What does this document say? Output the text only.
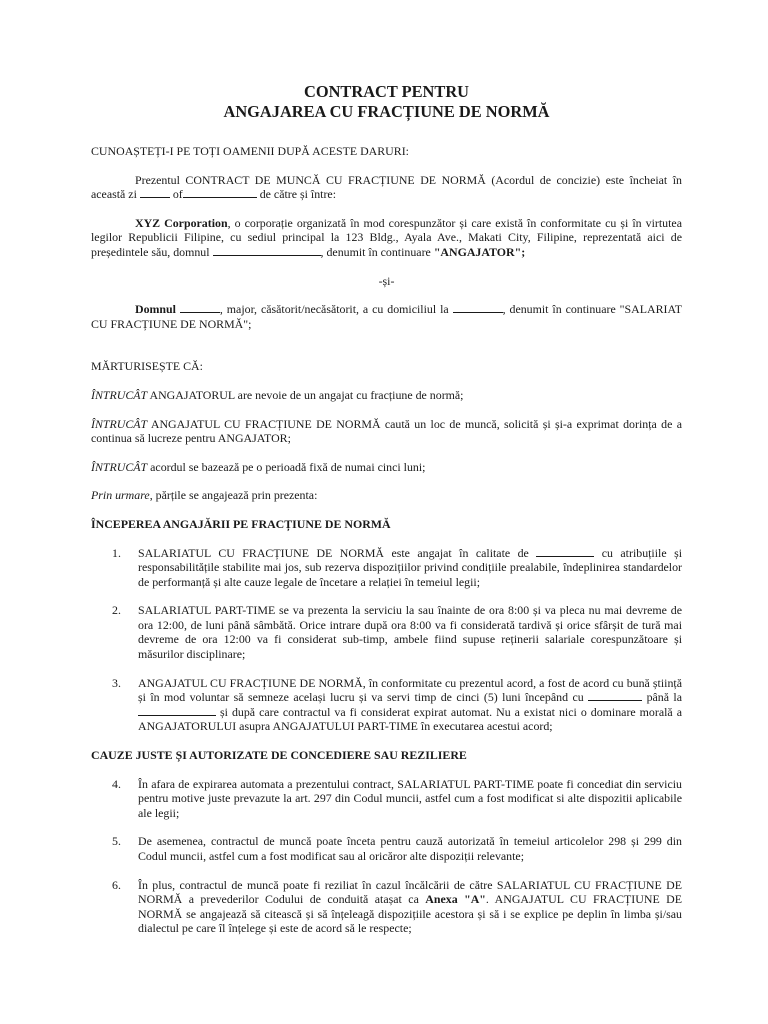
CONTRACT PENTRU
ANGAJAREA CU FRACȚIUNE DE NORMĂ

CUNOAȘTEȚI-I PE TOȚI OAMENII DUPĂ ACESTE DARURI:

Prezentul CONTRACT DE MUNCĂ CU FRACȚIUNE DE NORMĂ (Acordul de concizie) este încheiat în această zi	of	de către și între:

XYZ Corporation, o corporație organizată în mod corespunzător și care există în conformitate cu și în virtutea legilor Republicii Filipine, cu sediul principal la 123 Bldg., Ayala Ave., Makati City, Filipine, reprezentată aici de președintele său, domnul	, denumit în continuare "ANGAJATOR";

-și-

Domnul	, major, căsătorit/necăsătorit, a cu domiciliul la	, denumit în continuare "SALARIAT CU FRACȚIUNE DE NORMĂ";

MĂRTURISEȘTE CĂ:

ÎNTRUCÂT ANGAJATORUL are nevoie de un angajat cu fracțiune de normă;

ÎNTRUCÂT ANGAJATUL CU FRACȚIUNE DE NORMĂ caută un loc de muncă, solicită și și-a exprimat dorința de a continua să lucreze pentru ANGAJATOR;

ÎNTRUCÂT acordul se bazează pe o perioadă fixă de numai cinci luni;

Prin urmare, părțile se angajează prin prezenta:

ÎNCEPEREA ANGAJĂRII PE FRACȚIUNE DE NORMĂ

1. SALARIATUL CU FRACȚIUNE DE NORMĂ este angajat în calitate de	cu atribuțiile și responsabilitățile stabilite mai jos, sub rezerva dispozițiilor privind condițiile prealabile, îndeplinirea standardelor de performanță și alte cauze legale de încetare a relației în temeiul legii;
2. SALARIATUL PART-TIME se va prezenta la serviciu la sau înainte de ora 8:00 și va pleca nu mai devreme de ora 12:00, de luni până sâmbătă. Orice intrare după ora 8:00 va fi considerată tardivă și orice sfârșit de tură mai devreme de ora 12:00 va fi considerat sub-timp, ambele fiind supuse reținerii salariale corespunzătoare și măsurilor disciplinare;
3. ANGAJATUL CU FRACȚIUNE DE NORMĂ, în conformitate cu prezentul acord, a fost de acord cu bună știință și în mod voluntar să semneze același lucru și va servi timp de cinci (5) luni începând cu	până la  și după care contractul va fi considerat expirat automat. Nu a existat nici o dominare morală a ANGAJATORULUI asupra ANGAJATULUI PART-TIME în executarea acestui acord;

CAUZE JUSTE ȘI AUTORIZATE DE CONCEDIERE SAU REZILIERE

4. În afara de expirarea automata a prezentului contract, SALARIATUL PART-TIME poate fi concediat din serviciu pentru motive juste prevazute la art. 297 din Codul muncii, astfel cum a fost modificat si alte dispozitii aplicabile ale legii;
5. De asemenea, contractul de muncă poate înceta pentru cauză autorizată în temeiul articolelor 298 și 299 din Codul muncii, astfel cum a fost modificat sau al oricăror alte dispoziții relevante;
6. În plus, contractul de muncă poate fi reziliat în cazul încălcării de către SALARIATUL CU FRACȚIUNE DE NORMĂ a prevederilor Codului de conduită atașat ca Anexa "A". ANGAJATUL CU FRACȚIUNE DE NORMĂ se angajează să citească și să înțeleagă dispozițiile acestora și să i se explice pe deplin în limba și/sau dialectul pe care îl înțelege și este de acord să le respecte;
